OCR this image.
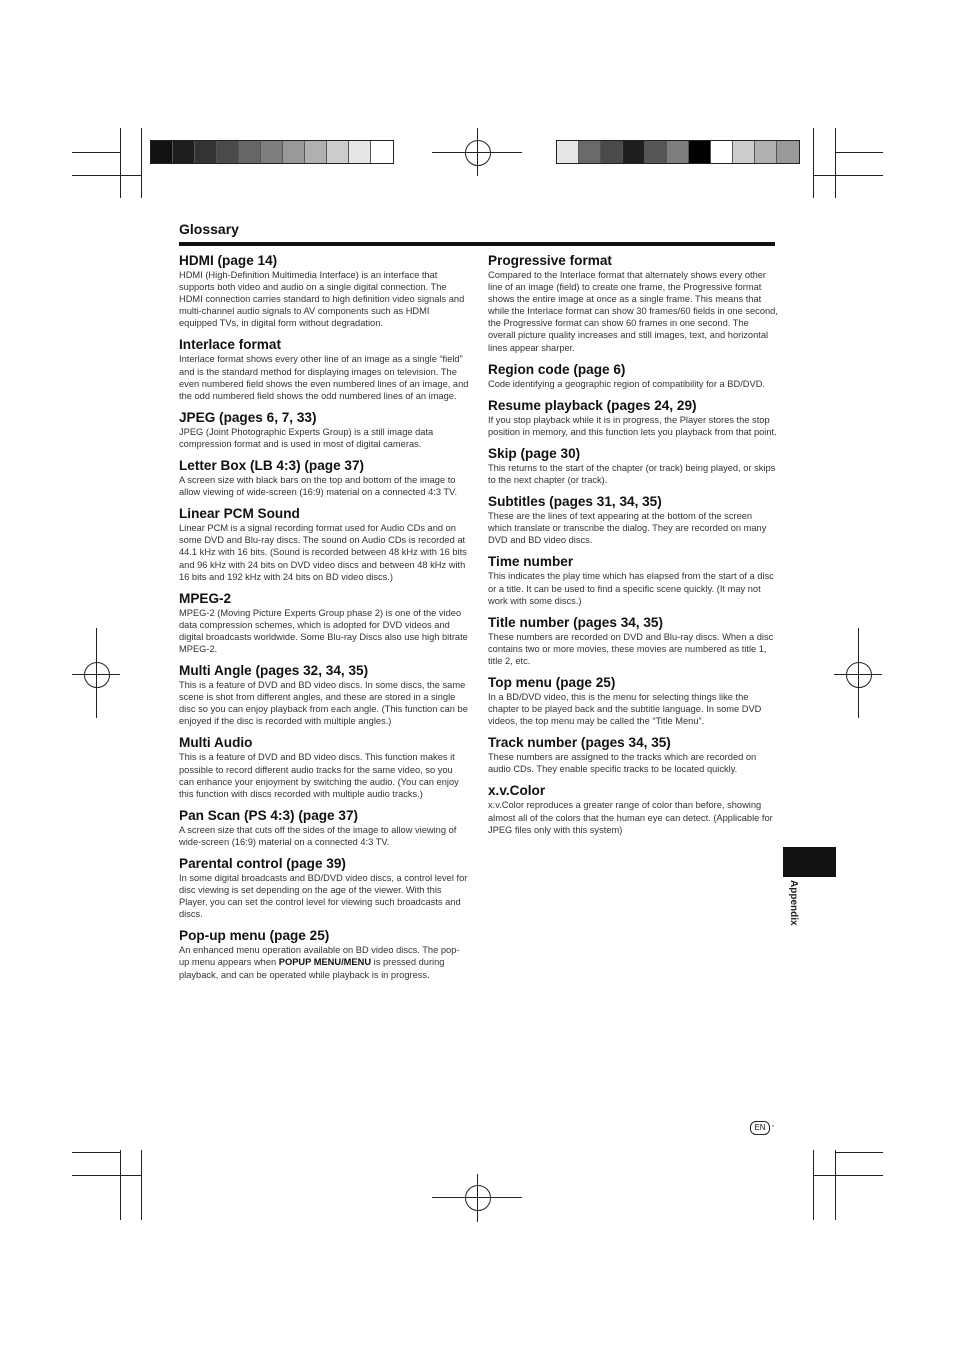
Glossary
HDMI (page 14)
HDMI (High-Definition Multimedia Interface) is an interface that supports both video and audio on a single digital connection. The HDMI connection carries standard to high definition video signals and multi-channel audio signals to AV components such as HDMI equipped TVs, in digital form without degradation.
Interlace format
Interlace format shows every other line of an image as a single “field” and is the standard method for displaying images on television. The even numbered field shows the even numbered lines of an image, and the odd numbered field shows the odd numbered lines of an image.
JPEG (pages 6, 7, 33)
JPEG (Joint Photographic Experts Group) is a still image data compression format and is used in most of digital cameras.
Letter Box (LB 4:3) (page 37)
A screen size with black bars on the top and bottom of the image to allow viewing of wide-screen (16:9) material on a connected 4:3 TV.
Linear PCM Sound
Linear PCM is a signal recording format used for Audio CDs and on some DVD and Blu-ray discs. The sound on Audio CDs is recorded at 44.1 kHz with 16 bits. (Sound is recorded between 48 kHz with 16 bits and 96 kHz with 24 bits on DVD video discs and between 48 kHz with 16 bits and 192 kHz with 24 bits on BD video discs.)
MPEG-2
MPEG-2 (Moving Picture Experts Group phase 2) is one of the video data compression schemes, which is adopted for DVD videos and digital broadcasts worldwide. Some Blu-ray Discs also use high bitrate MPEG-2.
Multi Angle (pages 32, 34, 35)
This is a feature of DVD and BD video discs. In some discs, the same scene is shot from different angles, and these are stored in a single disc so you can enjoy playback from each angle. (This function can be enjoyed if the disc is recorded with multiple angles.)
Multi Audio
This is a feature of DVD and BD video discs. This function makes it possible to record different audio tracks for the same video, so you can enhance your enjoyment by switching the audio. (You can enjoy this function with discs recorded with multiple audio tracks.)
Pan Scan (PS 4:3) (page 37)
A screen size that cuts off the sides of the image to allow viewing of wide-screen (16:9) material on a connected 4:3 TV.
Parental control (page 39)
In some digital broadcasts and BD/DVD video discs, a control level for disc viewing is set depending on the age of the viewer. With this Player, you can set the control level for viewing such broadcasts and discs.
Pop-up menu (page 25)
An enhanced menu operation available on BD video discs. The pop-up menu appears when POPUP MENU/MENU is pressed during playback, and can be operated while playback is in progress.
Progressive format
Compared to the Interlace format that alternately shows every other line of an image (field) to create one frame, the Progressive format shows the entire image at once as a single frame. This means that while the Interlace format can show 30 frames/60 fields in one second, the Progressive format can show 60 frames in one second. The overall picture quality increases and still images, text, and horizontal lines appear sharper.
Region code (page 6)
Code identifying a geographic region of compatibility for a BD/DVD.
Resume playback (pages 24, 29)
If you stop playback while it is in progress, the Player stores the stop position in memory, and this function lets you playback from that point.
Skip (page 30)
This returns to the start of the chapter (or track) being played, or skips to the next chapter (or track).
Subtitles (pages 31, 34, 35)
These are the lines of text appearing at the bottom of the screen which translate or transcribe the dialog. They are recorded on many DVD and BD video discs.
Time number
This indicates the play time which has elapsed from the start of a disc or a title. It can be used to find a specific scene quickly. (It may not work with some discs.)
Title number (pages 34, 35)
These numbers are recorded on DVD and Blu-ray discs. When a disc contains two or more movies, these movies are numbered as title 1, title 2, etc.
Top menu (page 25)
In a BD/DVD video, this is the menu for selecting things like the chapter to be played back and the subtitle language. In some DVD videos, the top menu may be called the “Title Menu”.
Track number (pages 34, 35)
These numbers are assigned to the tracks which are recorded on audio CDs. They enable specific tracks to be located quickly.
x.v.Color
x.v.Color reproduces a greater range of color than before, showing almost all of the colors that the human eye can detect. (Applicable for JPEG files only with this system)
Appendix
EN ·
